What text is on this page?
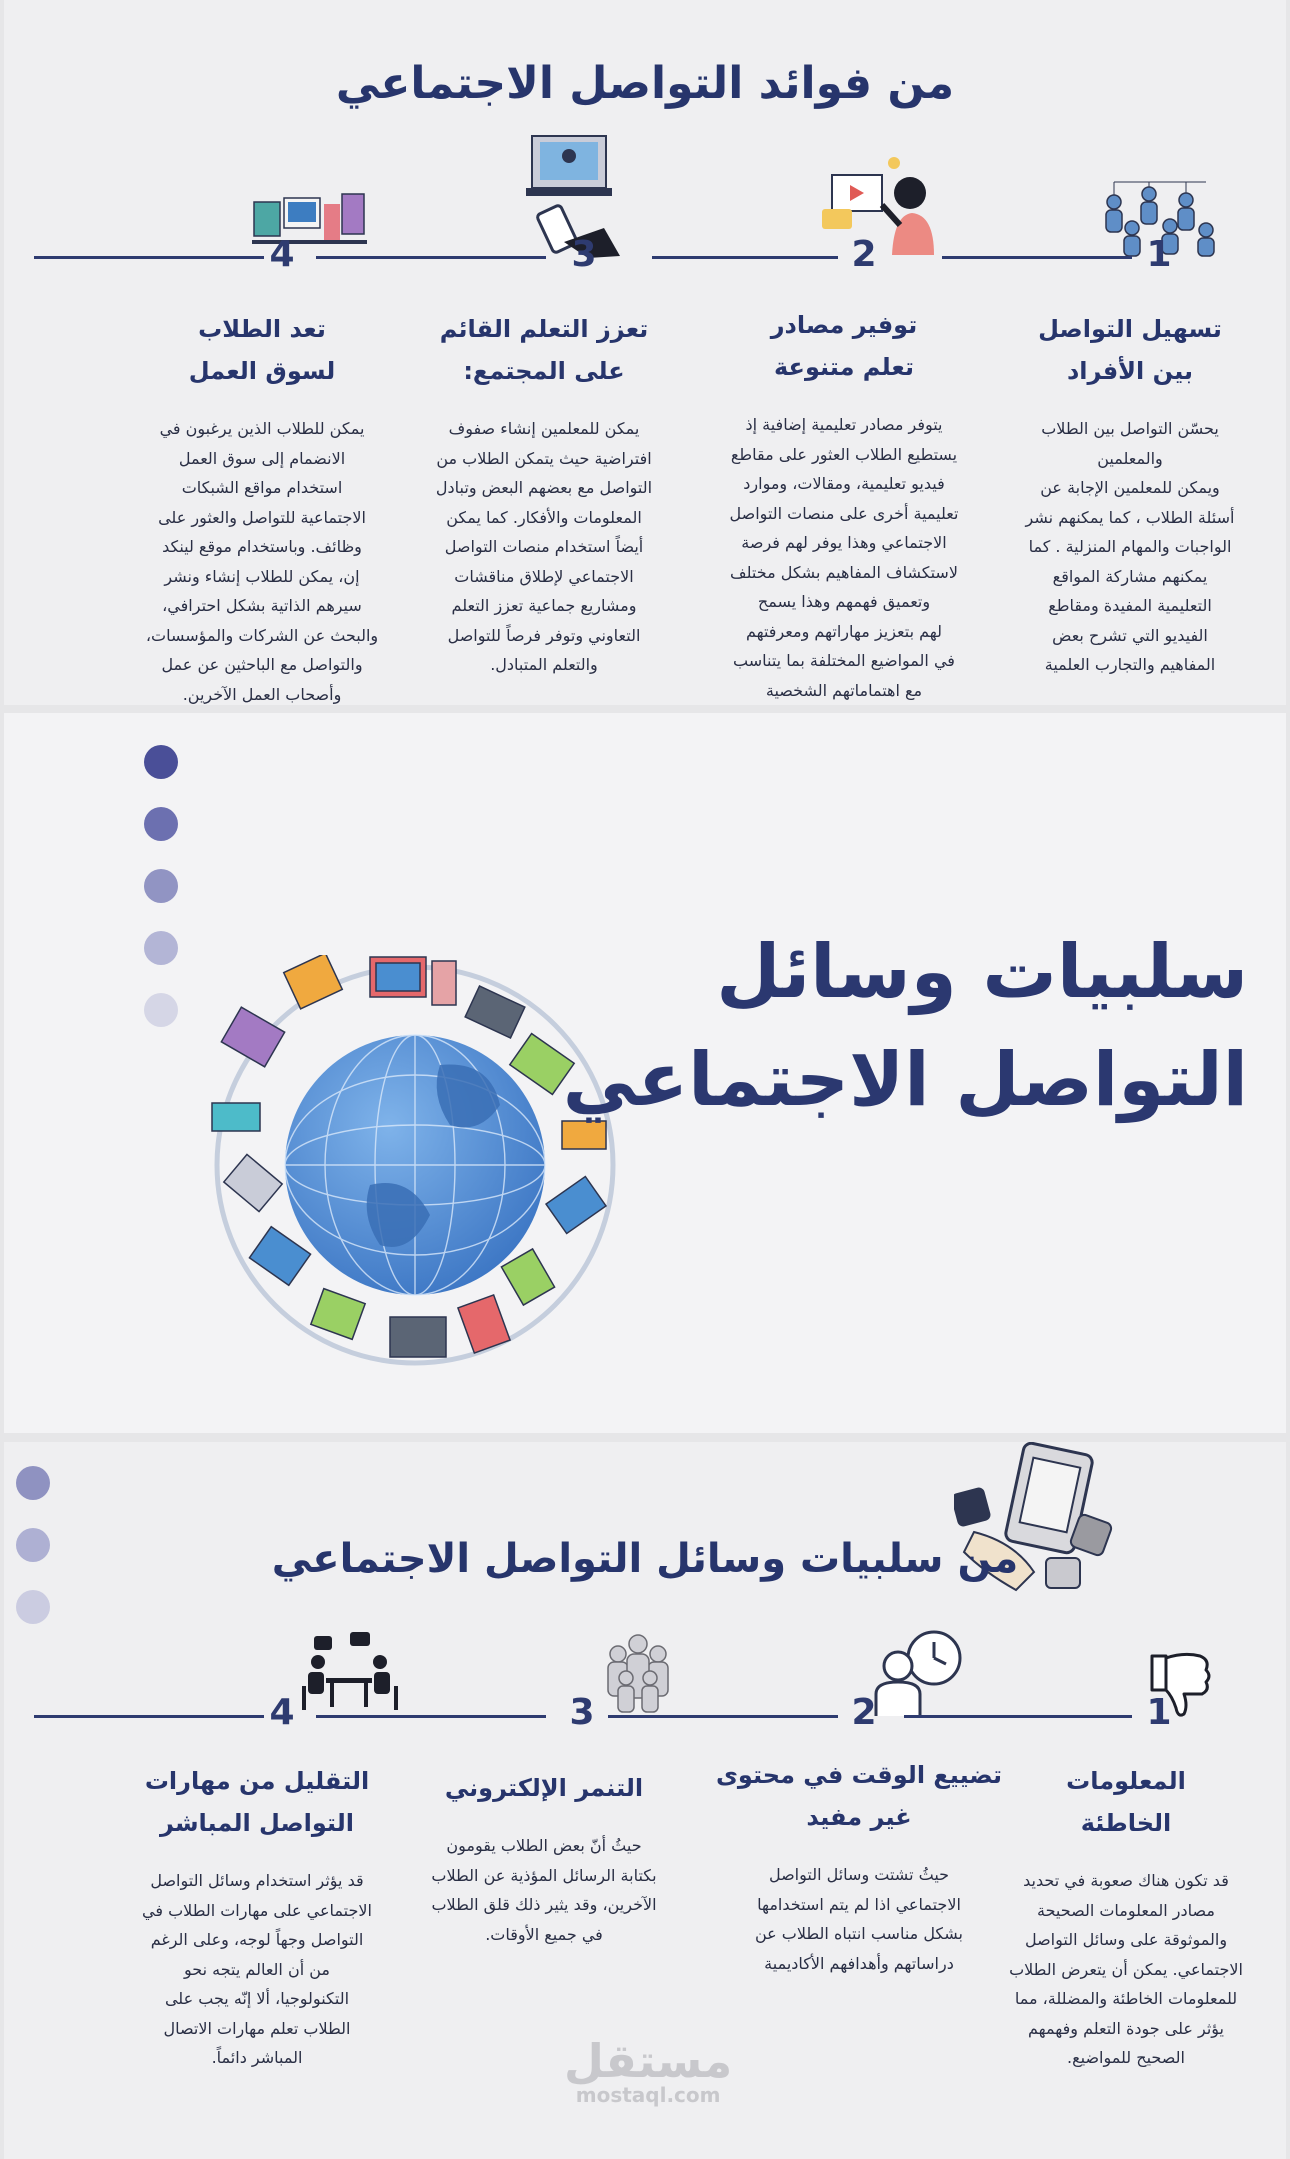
من فوائد التواصل الاجتماعي
1
2
3
4
تسهيل التواصل
بين الأفراد

يحسّن التواصل بين الطلاب
والمعلمين
ويمكن للمعلمين الإجابة عن
أسئلة الطلاب ، كما يمكنهم نشر
الواجبات والمهام المنزلية . كما
يمكنهم مشاركة المواقع
التعليمية المفيدة ومقاطع
الفيديو التي تشرح بعض
المفاهيم والتجارب العلمية

توفير مصادر
تعلم متنوعة

يتوفر مصادر تعليمية إضافية إذ
يستطيع الطلاب العثور على مقاطع
فيديو تعليمية، ومقالات، وموارد
تعليمية أخرى على منصات التواصل
الاجتماعي وهذا يوفر لهم فرصة
لاستكشاف المفاهيم بشكل مختلف
وتعميق فهمهم وهذا يسمح
لهم بتعزيز مهاراتهم ومعرفتهم
في المواضيع المختلفة بما يتناسب
مع اهتماماتهم الشخصية

تعزز التعلم القائم
على المجتمع:

يمكن للمعلمين إنشاء صفوف
افتراضية حيث يتمكن الطلاب من
التواصل مع بعضهم البعض وتبادل
المعلومات والأفكار. كما يمكن
أيضاً استخدام منصات التواصل
الاجتماعي لإطلاق مناقشات
ومشاريع جماعية تعزز التعلم
التعاوني وتوفر فرصاً للتواصل
والتعلم المتبادل.

تعد الطلاب
لسوق العمل

يمكن للطلاب الذين يرغبون في
الانضمام إلى سوق العمل
استخدام مواقع الشبكات
الاجتماعية للتواصل والعثور على
وظائف. وباستخدام موقع لينكد
إن، يمكن للطلاب إنشاء ونشر
سيرهم الذاتية بشكل احترافي،
والبحث عن الشركات والمؤسسات،
والتواصل مع الباحثين عن عمل
وأصحاب العمل الآخرين.

سلبيات وسائل
التواصل الاجتماعي
من سلبيات وسائل التواصل الاجتماعي
1
2
3
4
المعلومات
الخاطئة

قد تكون هناك صعوبة في تحديد
مصادر المعلومات الصحيحة
والموثوقة على وسائل التواصل
الاجتماعي. يمكن أن يتعرض الطلاب
للمعلومات الخاطئة والمضللة، مما
يؤثر على جودة التعلم وفهمهم
الصحيح للمواضيع.

تضييع الوقت في محتوى
غير مفيد

حيثُ تشتت وسائل التواصل
الاجتماعي اذا لم يتم استخدامها
بشكل مناسب انتباه الطلاب عن
دراساتهم وأهدافهم الأكاديمية

التنمر الإلكتروني

حيثُ أنّ بعض الطلاب يقومون
بكتابة الرسائل المؤذية عن الطلاب
الآخرين، وقد يثير ذلك قلق الطلاب
في جميع الأوقات.

التقليل من مهارات
التواصل المباشر

قد يؤثر استخدام وسائل التواصل
الاجتماعي على مهارات الطلاب في
التواصل وجهاً لوجه، وعلى الرغم
من أن العالم يتجه نحو
التكنولوجيا، ألا إنّه يجب على
الطلاب تعلم مهارات الاتصال
المباشر دائماً.	مستقل
mostaql.com
